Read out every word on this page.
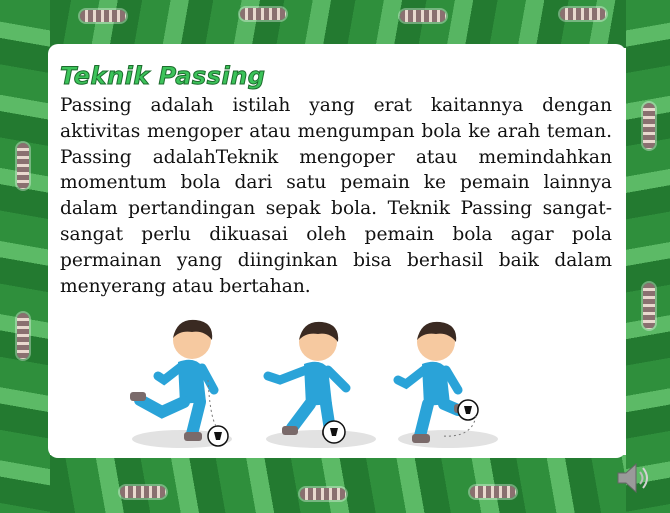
Teknik Passing

Passing adalah istilah yang erat kaitannya dengan aktivitas mengoper atau mengumpan bola ke arah teman. Passing adalahTeknik mengoper atau memindahkan momentum bola dari satu pemain ke pemain lainnya dalam pertandingan sepak bola. Teknik Passing sangat-sangat perlu dikuasai oleh pemain bola agar pola permainan yang diinginkan bisa berhasil baik dalam menyerang atau bertahan.
